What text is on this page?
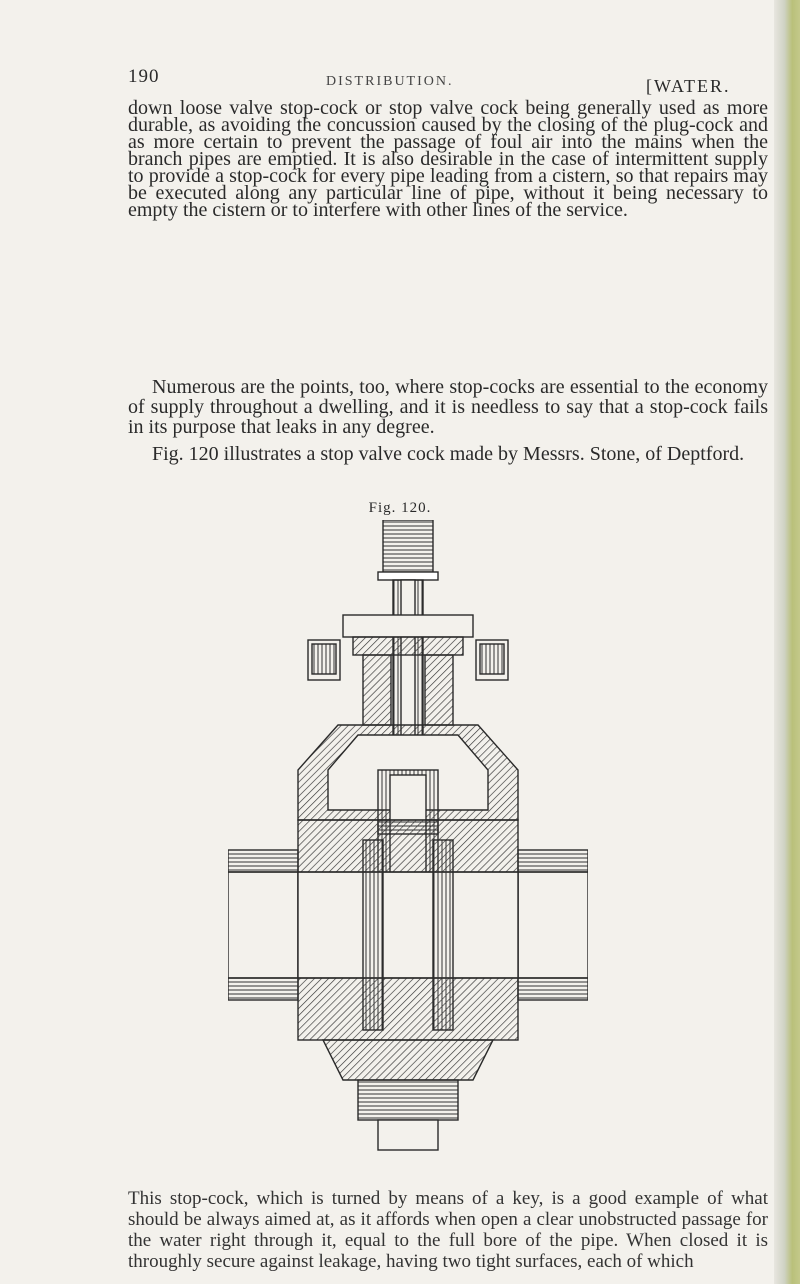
190	DISTRIBUTION.	[WATER.

down loose valve stop-cock or stop valve cock being generally used as more durable, as avoiding the concussion caused by the closing of the plug-cock and as more certain to prevent the passage of foul air into the mains when the branch pipes are emptied. It is also desirable in the case of intermittent supply to provide a stop-cock for every pipe leading from a cistern, so that repairs may be executed along any particular line of pipe, without it being necessary to empty the cistern or to interfere with other lines of the service.

Numerous are the points, too, where stop-cocks are essential to the economy of supply throughout a dwelling, and it is needless to say that a stop-cock fails in its purpose that leaks in any degree.

Fig. 120 illustrates a stop valve cock made by Messrs. Stone, of Deptford.

Fig. 120.

This stop-cock, which is turned by means of a key, is a good example of what should be always aimed at, as it affords when open a clear unobstructed passage for the water right through it, equal to the full bore of the pipe. When closed it is throughly secure against leakage, having two tight surfaces, each of which
